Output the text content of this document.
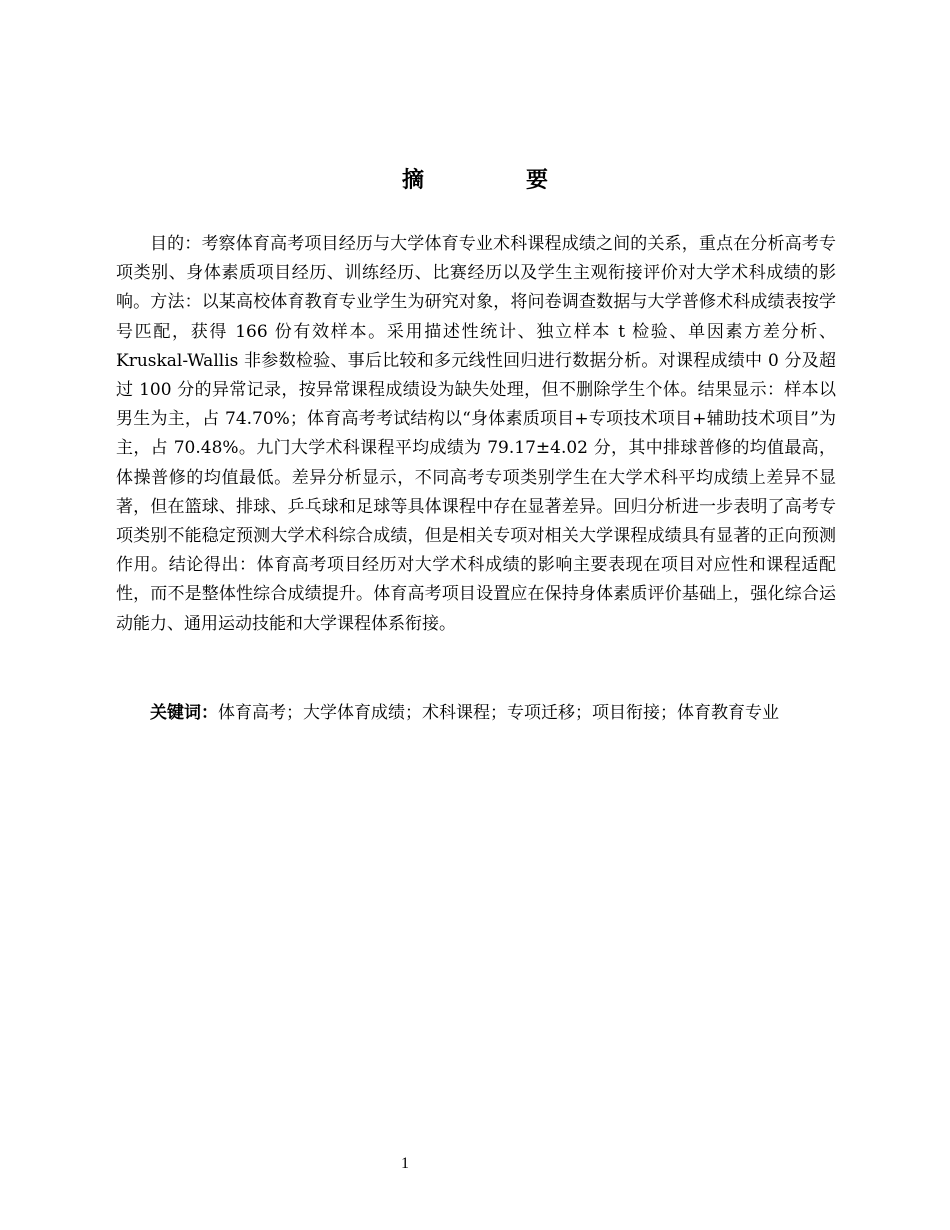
摘　要

目的：考察体育高考项目经历与大学体育专业术科课程成绩之间的关系，重点在分析高考专项类别、身体素质项目经历、训练经历、比赛经历以及学生主观衔接评价对大学术科成绩的影响。方法：以某高校体育教育专业学生为研究对象，将问卷调查数据与大学普修术科成绩表按学号匹配，获得 166 份有效样本。采用描述性统计、独立样本 t 检验、单因素方差分析、Kruskal-Wallis 非参数检验、事后比较和多元线性回归进行数据分析。对课程成绩中 0 分及超过 100 分的异常记录，按异常课程成绩设为缺失处理，但不删除学生个体。结果显示：样本以男生为主，占 74.70%；体育高考考试结构以“身体素质项目+专项技术项目+辅助技术项目”为主，占 70.48%。九门大学术科课程平均成绩为 79.17±4.02 分，其中排球普修的均值最高，体操普修的均值最低。差异分析显示，不同高考专项类别学生在大学术科平均成绩上差异不显著，但在篮球、排球、乒乓球和足球等具体课程中存在显著差异。回归分析进一步表明了高考专项类别不能稳定预测大学术科综合成绩，但是相关专项对相关大学课程成绩具有显著的正向预测作用。结论得出：体育高考项目经历对大学术科成绩的影响主要表现在项目对应性和课程适配性，而不是整体性综合成绩提升。体育高考项目设置应在保持身体素质评价基础上，强化综合运动能力、通用运动技能和大学课程体系衔接。

关键词：体育高考；大学体育成绩；术科课程；专项迁移；项目衔接；体育教育专业

1
